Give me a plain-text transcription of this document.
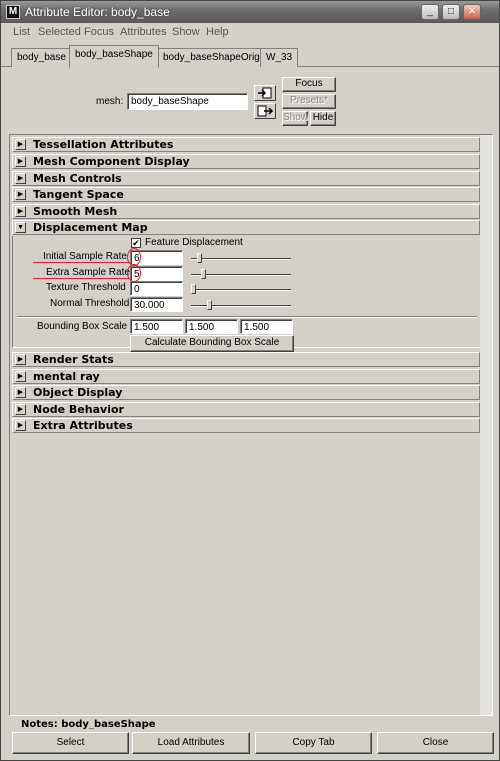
M Attribute Editor: body_base	_	□	✕
List Selected Focus Attributes Show Help
body_base body_baseShape	body_baseShapeOrig W_33
mesh: body_baseShape
Focus
Presets*
Show Hide
▶ Tessellation Attributes
▶ Mesh Component Display
▶ Mesh Controls
▶ Tangent Space
▶ Smooth Mesh
▼ Displacement Map
✔ Feature Displacement
Initial Sample Rate 6
Extra Sample Rate 5
Texture Threshold 0
Normal Threshold 30.000
Bounding Box Scale 1.500	1.500	1.500
Calculate Bounding Box Scale
▶ Render Stats
▶ mental ray
▶ Object Display
▶ Node Behavior
▶ Extra Attributes
Notes: body_baseShape
Select	Load Attributes	Copy Tab	Close
